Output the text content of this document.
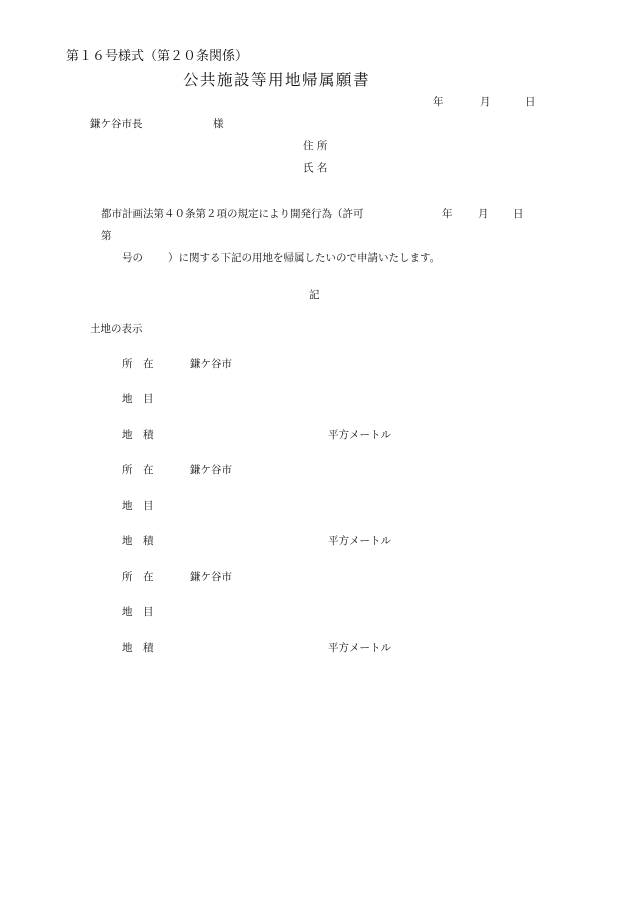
第１６号様式（第２０条関係）
公共施設等用地帰属願書
年	月	日
鎌ケ谷市長	様
住 所
氏 名
都市計画法第４０条第２項の規定により開発行為（許可	年 月 日
第
号の ）に関する下記の用地を帰属したいので申請いたします。
記
土地の表示
所　在	鎌ケ谷市
地　目
地　積	平方メートル
所　在	鎌ケ谷市
地　目
地　積	平方メートル
所　在	鎌ケ谷市
地　目
地　積	平方メートル
